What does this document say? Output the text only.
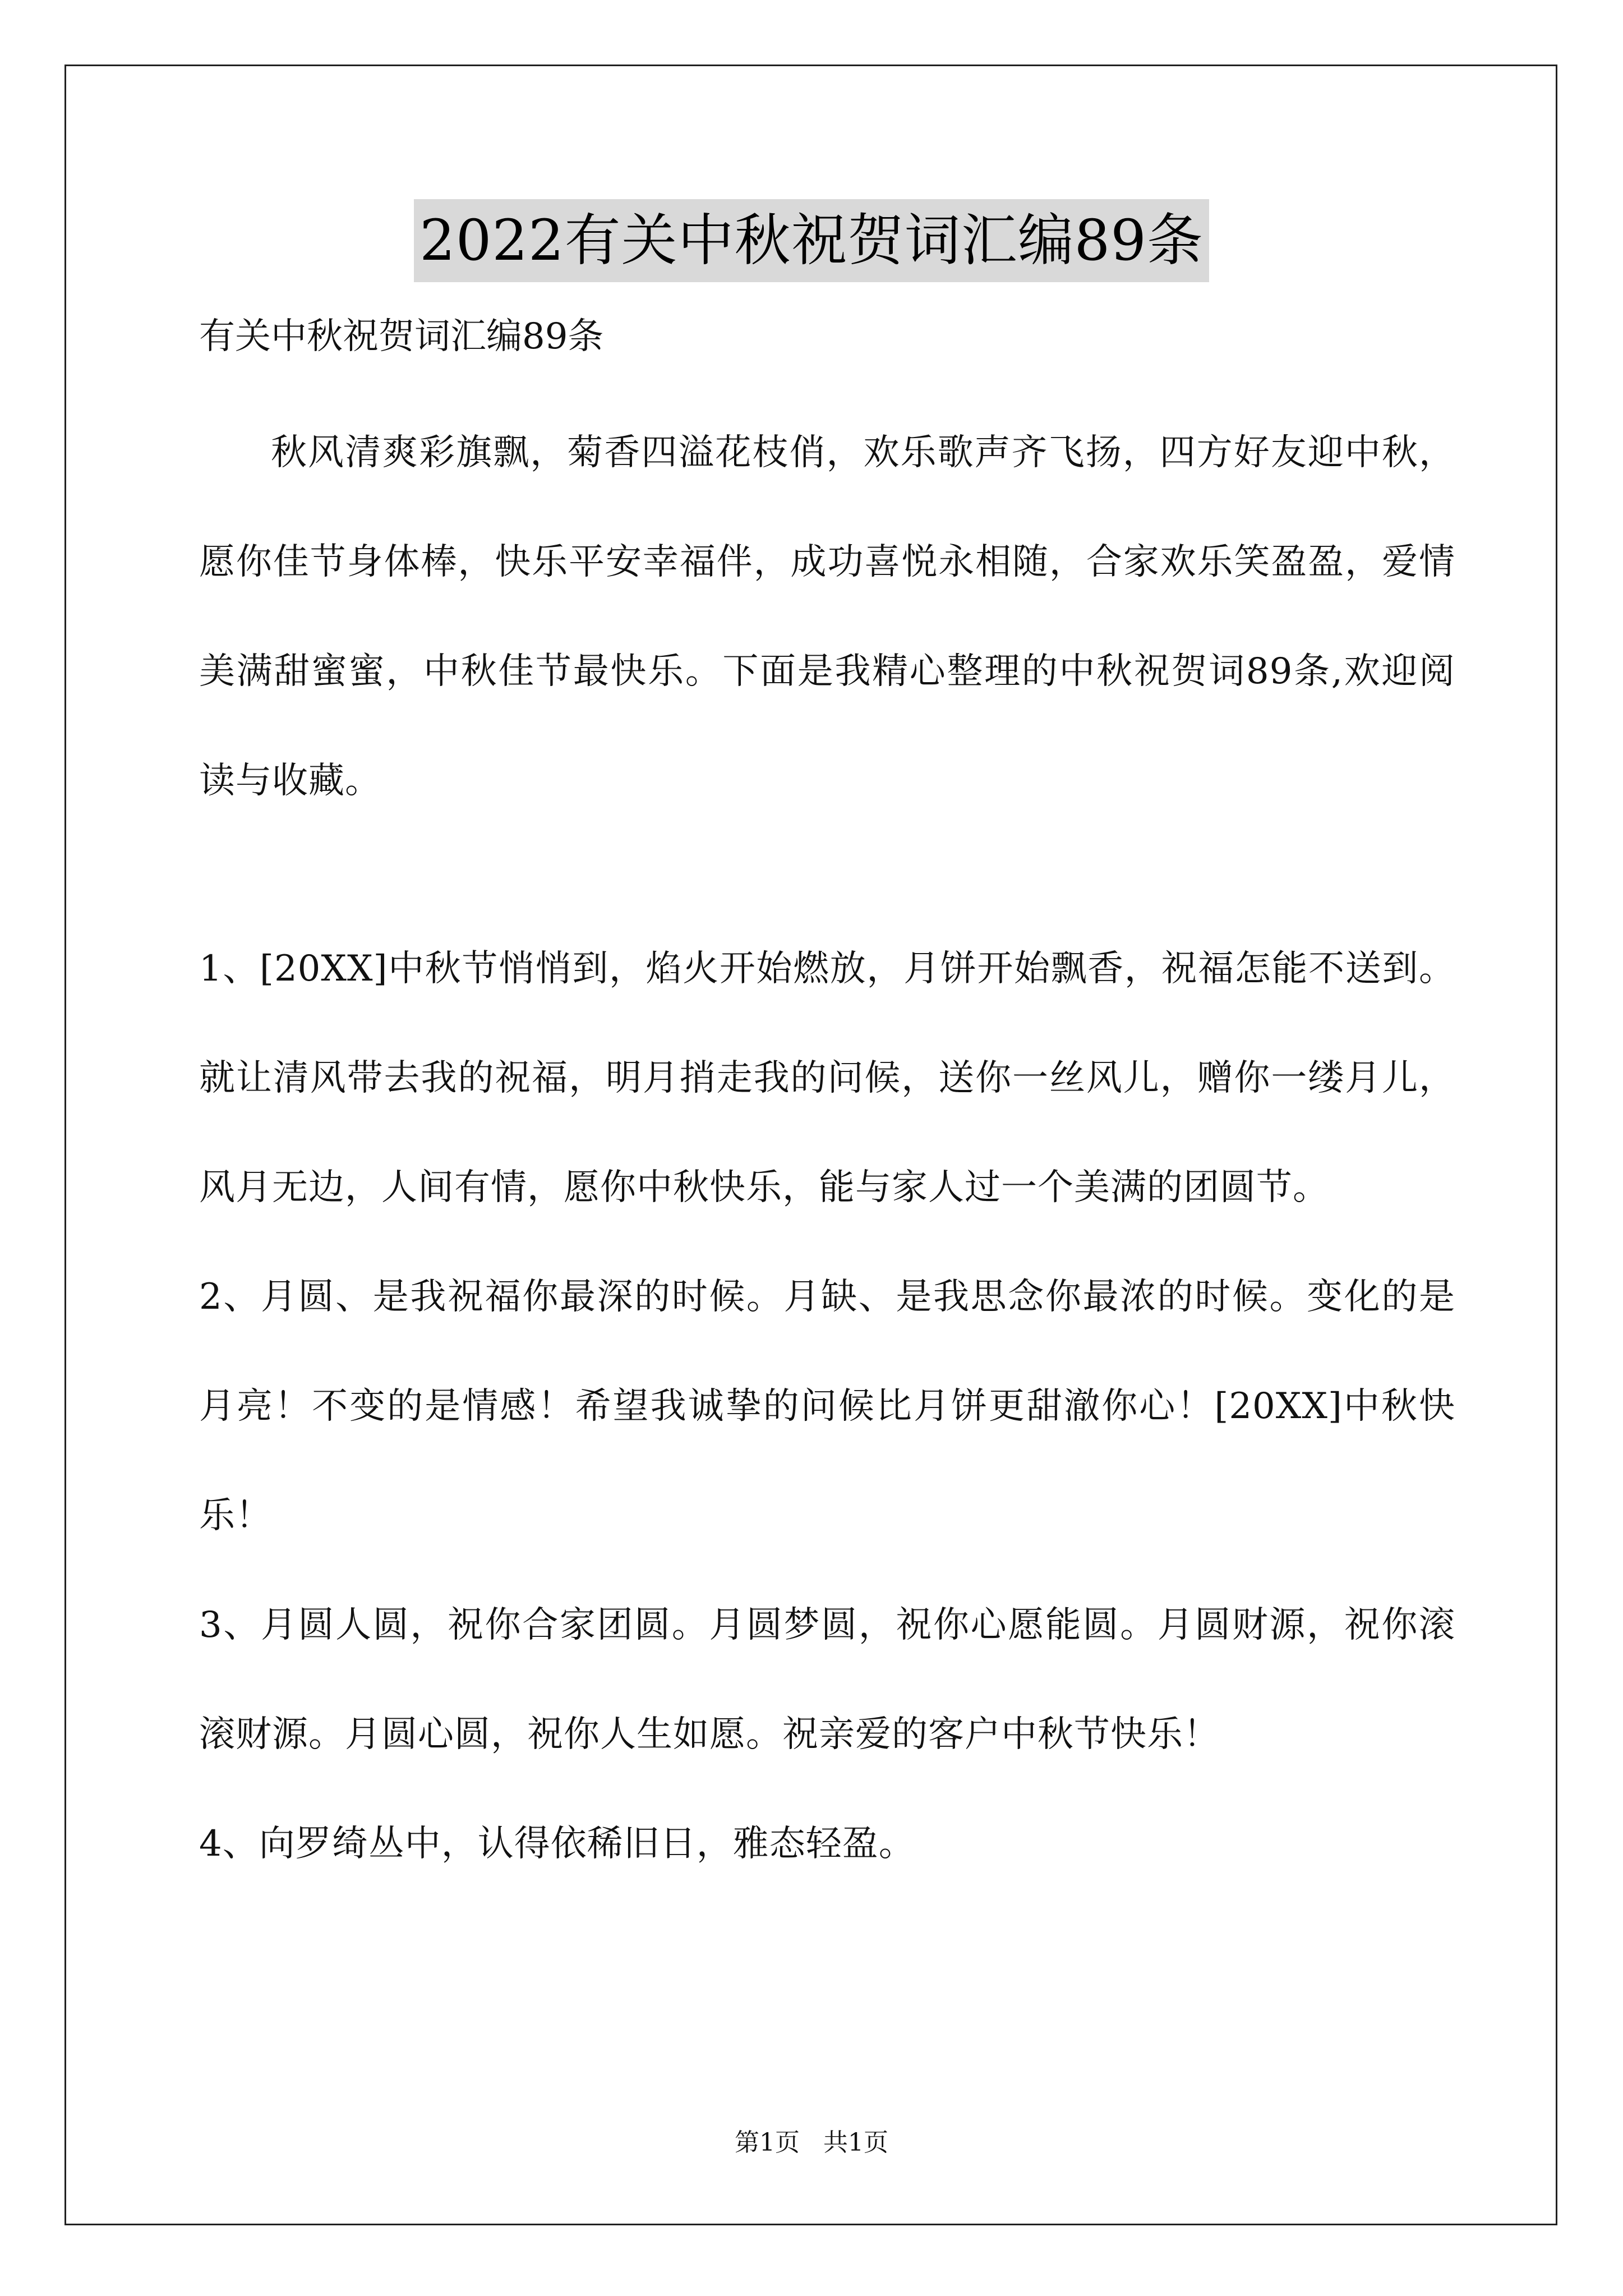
2022有关中秋祝贺词汇编89条

有关中秋祝贺词汇编89条

秋风清爽彩旗飘，菊香四溢花枝俏，欢乐歌声齐飞扬，四方好友迎中秋，愿你佳节身体棒，快乐平安幸福伴，成功喜悦永相随，合家欢乐笑盈盈，爱情美满甜蜜蜜，中秋佳节最快乐。下面是我精心整理的中秋祝贺词89条,欢迎阅读与收藏。

1、[20XX]中秋节悄悄到，焰火开始燃放，月饼开始飘香，祝福怎能不送到。就让清风带去我的祝福，明月捎走我的问候，送你一丝风儿，赠你一缕月儿，风月无边，人间有情，愿你中秋快乐，能与家人过一个美满的团圆节。

2、月圆、是我祝福你最深的时候。月缺、是我思念你最浓的时候。变化的是月亮！不变的是情感！希望我诚挚的问候比月饼更甜澈你心！[20XX]中秋快乐！

3、月圆人圆，祝你合家团圆。月圆梦圆，祝你心愿能圆。月圆财源，祝你滚滚财源。月圆心圆，祝你人生如愿。祝亲爱的客户中秋节快乐！

4、向罗绮丛中，认得依稀旧日，雅态轻盈。

第1页   共1页
